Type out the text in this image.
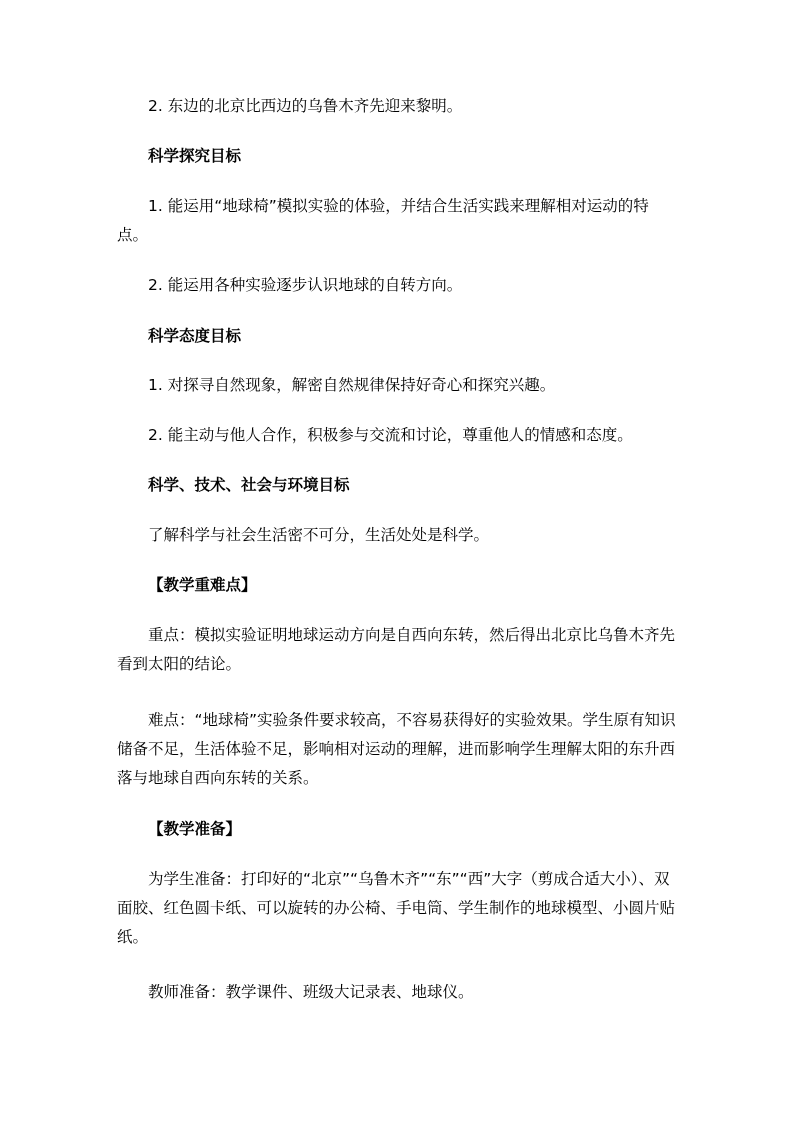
2. 东边的北京比西边的乌鲁木齐先迎来黎明。

科学探究目标

1. 能运用“地球椅”模拟实验的体验，并结合生活实践来理解相对运动的特点。

2. 能运用各种实验逐步认识地球的自转方向。

科学态度目标

1. 对探寻自然现象，解密自然规律保持好奇心和探究兴趣。

2. 能主动与他人合作，积极参与交流和讨论，尊重他人的情感和态度。

科学、技术、社会与环境目标

了解科学与社会生活密不可分，生活处处是科学。

【教学重难点】

重点：模拟实验证明地球运动方向是自西向东转，然后得出北京比乌鲁木齐先看到太阳的结论。

难点：“地球椅”实验条件要求较高，不容易获得好的实验效果。学生原有知识储备不足，生活体验不足，影响相对运动的理解，进而影响学生理解太阳的东升西落与地球自西向东转的关系。

【教学准备】

为学生准备：打印好的“北京”“乌鲁木齐”“东”“西”大字（剪成合适大小）、双面胶、红色圆卡纸、可以旋转的办公椅、手电筒、学生制作的地球模型、小圆片贴纸。

教师准备：教学课件、班级大记录表、地球仪。
